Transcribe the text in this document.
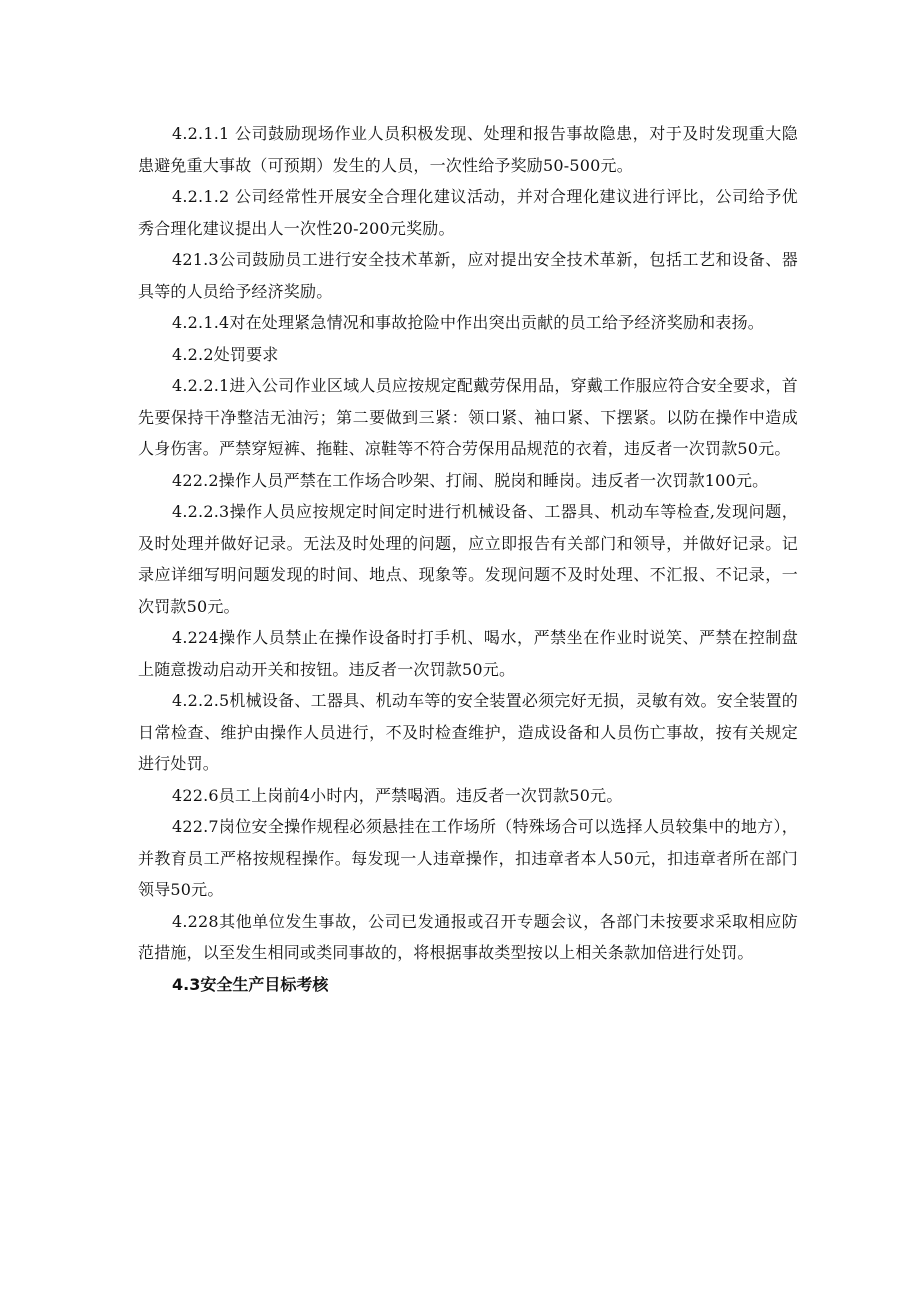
4.2.1.1 公司鼓励现场作业人员积极发现、处理和报告事故隐患，对于及时发现重大隐患避免重大事故（可预期）发生的人员，一次性给予奖励50-500元。

4.2.1.2 公司经常性开展安全合理化建议活动，并对合理化建议进行评比，公司给予优秀合理化建议提出人一次性20-200元奖励。

421.3公司鼓励员工进行安全技术革新，应对提出安全技术革新，包括工艺和设备、器具等的人员给予经济奖励。

4.2.1.4对在处理紧急情况和事故抢险中作出突出贡献的员工给予经济奖励和表扬。

4.2.2处罚要求

4.2.2.1进入公司作业区域人员应按规定配戴劳保用品，穿戴工作服应符合安全要求，首先要保持干净整洁无油污；第二要做到三紧：领口紧、袖口紧、下摆紧。以防在操作中造成人身伤害。严禁穿短裤、拖鞋、凉鞋等不符合劳保用品规范的衣着，违反者一次罚款50元。

422.2操作人员严禁在工作场合吵架、打闹、脱岗和睡岗。违反者一次罚款100元。

4.2.2.3操作人员应按规定时间定时进行机械设备、工器具、机动车等检查,发现问题，及时处理并做好记录。无法及时处理的问题，应立即报告有关部门和领导，并做好记录。记录应详细写明问题发现的时间、地点、现象等。发现问题不及时处理、不汇报、不记录，一次罚款50元。

4.224操作人员禁止在操作设备时打手机、喝水，严禁坐在作业时说笑、严禁在控制盘上随意拨动启动开关和按钮。违反者一次罚款50元。

4.2.2.5机械设备、工器具、机动车等的安全装置必须完好无损，灵敏有效。安全装置的日常检查、维护由操作人员进行，不及时检查维护，造成设备和人员伤亡事故，按有关规定进行处罚。

422.6员工上岗前4小时内，严禁喝酒。违反者一次罚款50元。

422.7岗位安全操作规程必须悬挂在工作场所（特殊场合可以选择人员较集中的地方），并教育员工严格按规程操作。每发现一人违章操作，扣违章者本人50元，扣违章者所在部门领导50元。

4.228其他单位发生事故，公司已发通报或召开专题会议，各部门未按要求采取相应防范措施，以至发生相同或类同事故的，将根据事故类型按以上相关条款加倍进行处罚。

4.3安全生产目标考核
